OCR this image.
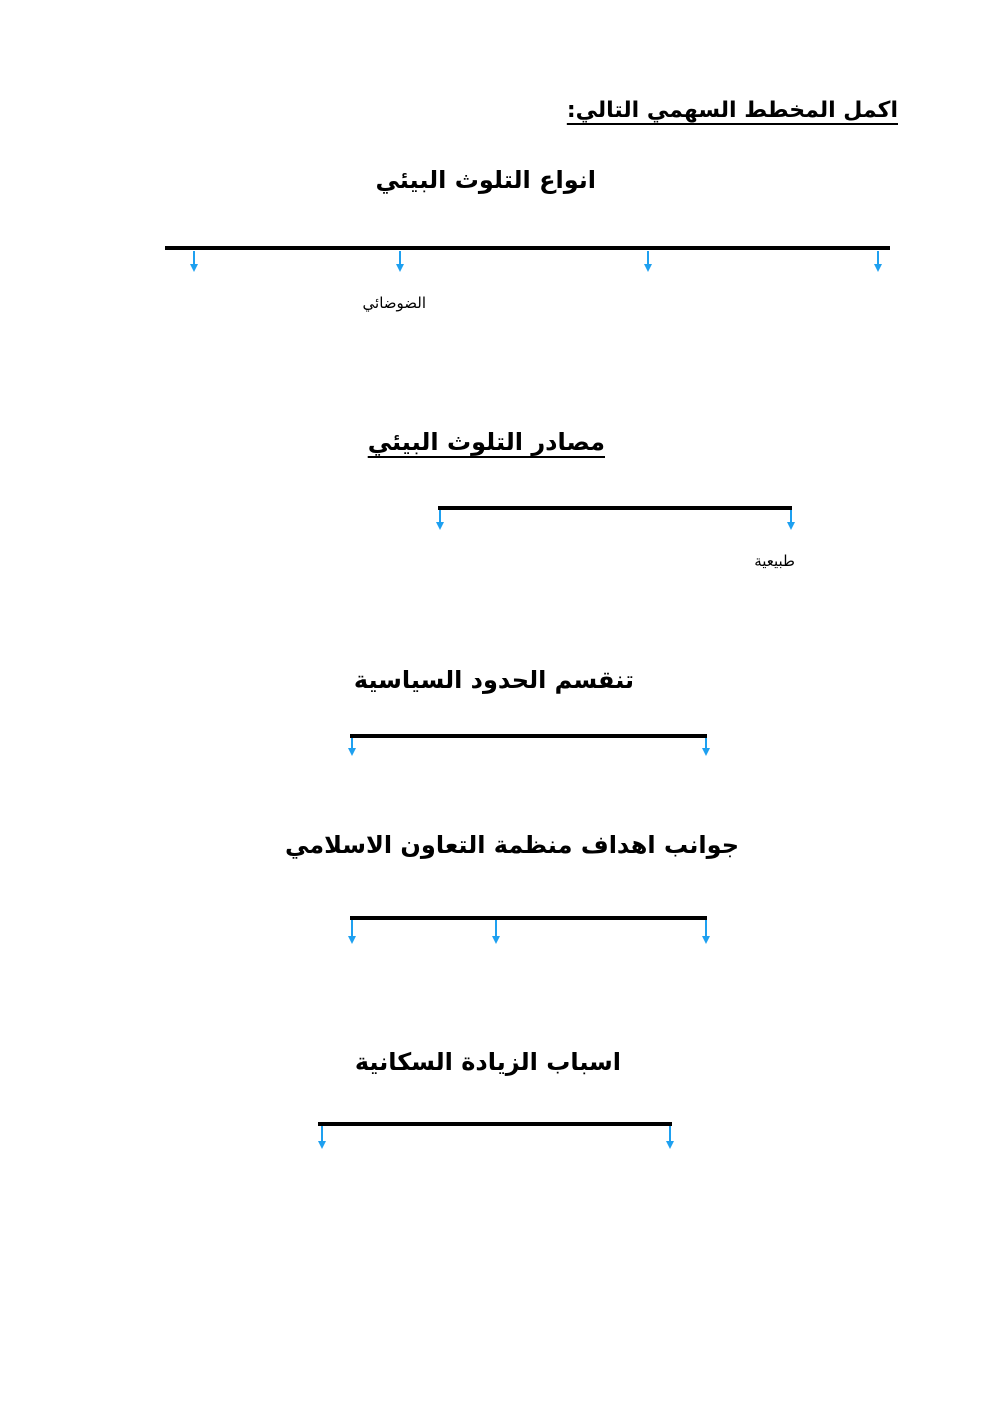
اكمل المخطط السهمي التالي:
انواع التلوث البيئي
الضوضائي
مصادر التلوث البيئي
طبيعية
تنقسم الحدود السياسية
جوانب اهداف منظمة التعاون الاسلامي
اسباب الزيادة السكانية
